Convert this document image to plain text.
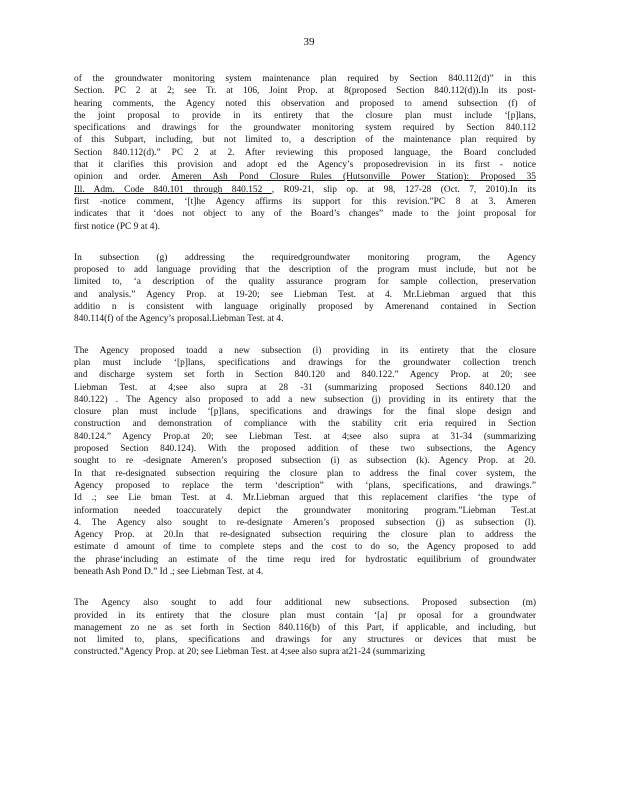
39
of the groundwater monitoring system maintenance plan required by Section 840.112(d)” in this
Section. PC 2 at 2; see Tr. at 106, Joint Prop. at 8(proposed Section 840.112(d)).In its post-
hearing comments, the Agency noted this observation and proposed to amend subsection (f) of
the joint proposal to provide in its entirety that the closure plan must include ‘[p]lans,
specifications and drawings for the groundwater monitoring system required by Section 840.112
of this Subpart, including, but not limited to, a description of the maintenance plan required by
Section 840.112(d).” PC 2 at 2. After reviewing this proposed language, the Board concluded
that it clarifies this provision and adopt ed the Agency’s proposedrevision in its first - notice
opinion and order. Ameren Ash Pond Closure Rules (Hutsonville Power Station): Proposed 35
Ill. Adm. Code 840.101 through 840.152 , R09-21, slip op. at 98, 127-28 (Oct. 7, 2010).In its
first -notice comment, ‘[t]he Agency affirms its support for this revision.”PC 8 at 3. Ameren
indicates that it ‘does not object to any of the Board’s changes” made to the joint proposal for
first notice (PC 9 at 4).
In subsection (g) addressing the requiredgroundwater monitoring program, the Agency
proposed to add language providing that the description of the program must include, but not be
limited to, ‘a description of the quality assurance program for sample collection, preservation
and analysis.” Agency Prop. at 19-20; see Liebman Test. at 4. Mr.Liebman argued that this
additio n is consistent with language originally proposed by Amerenand contained in Section
840.114(f) of the Agency’s proposal.Liebman Test. at 4.
The Agency proposed toadd a new subsection (i) providing in its entirety that the closure
plan must include ‘[p]lans, specifications and drawings for the groundwater collection trench
and discharge system set forth in Section 840.120 and 840.122.” Agency Prop. at 20; see
Liebman Test. at 4;see also supra at 28 -31 (summarizing proposed Sections 840.120 and
840.122) . The Agency also proposed to add a new subsection (j) providing in its entirety that the
closure plan must include ‘[p]lans, specifications and drawings for the final slope design and
construction and demonstration of compliance with the stability crit eria required in Section
840.124.” Agency Prop.at 20; see Liebman Test. at 4;see also supra at 31-34 (summarizing
proposed Section 840.124). With the proposed addition of these two subsections, the Agency
sought to re -designate Ameren’s proposed subsection (i) as subsection (k). Agency Prop. at 20.
In that re-designated subsection requiring the closure plan to address the final cover system, the
Agency proposed to replace the term ‘description” with ‘plans, specifications, and drawings.”
Id .; see Lie bman Test. at 4. Mr.Liebman argued that this replacement clarifies ‘the type of
information needed toaccurately depict the groundwater monitoring program.”Liebman Test.at
4. The Agency also sought to re-designate Ameren’s proposed subsection (j) as subsection (l).
Agency Prop. at 20.In that re-designated subsection requiring the closure plan to address the
estimate d amount of time to complete steps and the cost to do so, the Agency proposed to add
the phrase‘including an estimate of the time requ ired for hydrostatic equilibrium of groundwater
beneath Ash Pond D.” Id .; see Liebman Test. at 4.
The Agency also sought to add four additional new subsections. Proposed subsection (m)
provided in its entirety that the closure plan must contain ‘[a] pr oposal for a groundwater
management zo ne as set forth in Section 840.116(b) of this Part, if applicable, and including, but
not limited to, plans, specifications and drawings for any structures or devices that must be
constructed.”Agency Prop. at 20; see Liebman Test. at 4;see also supra at21-24 (summarizing
